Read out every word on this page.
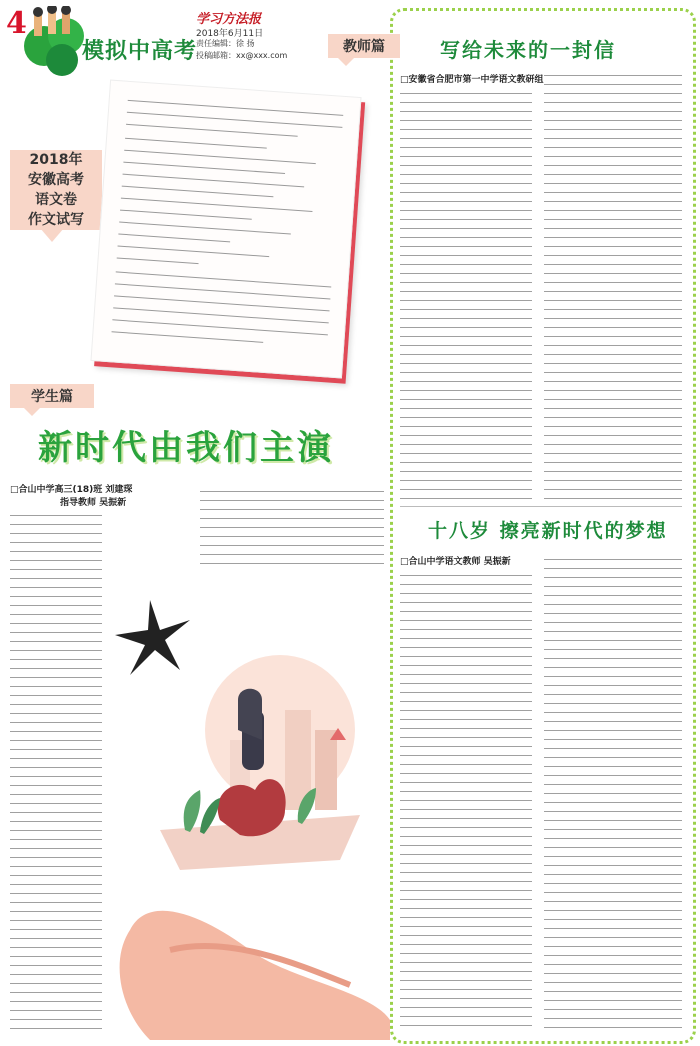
4
模拟中高考
学习方法报
2018年6月11日
责任编辑：徐 扬
投稿邮箱：xx@xxx.com
教师篇	写给未来的一封信
□安徽省合肥市第一中学语文教研组
十八岁 擦亮新时代的梦想
□合山中学语文教师 吴振新
2018年
安徽高考
语文卷
作文试写
学生篇
新时代由我们主演
□合山中学高三(18)班 刘建琛
指导教师 吴振新
